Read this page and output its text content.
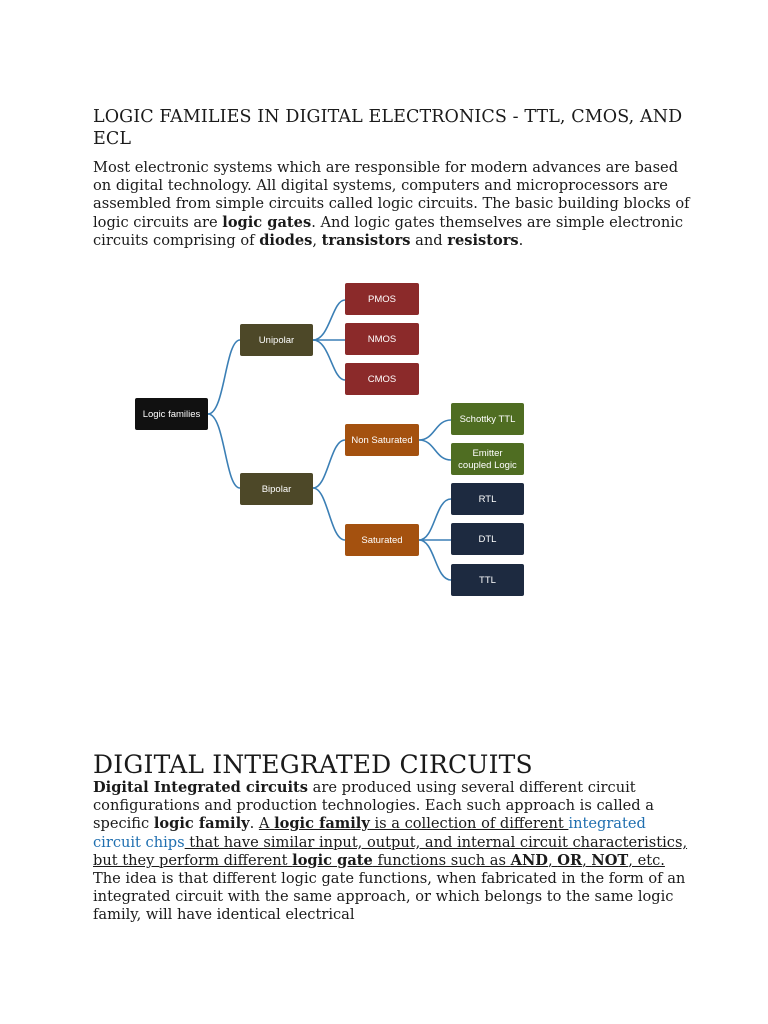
LOGIC FAMILIES IN DIGITAL ELECTRONICS - TTL, CMOS, AND ECL

Most electronic systems which are responsible for modern advances are based on digital technology. All digital systems, computers and microprocessors are assembled from simple circuits called logic circuits. The basic building blocks of logic circuits are logic gates. And logic gates themselves are simple electronic circuits comprising of diodes, transistors and resistors.

Logic families
Unipolar
Bipolar
PMOS
NMOS
CMOS
Non Saturated
Saturated
Schottky TTL
Emitter
coupled Logic
RTL
DTL
TTL
DIGITAL INTEGRATED CIRCUITS

Digital Integrated circuits are produced using several different circuit configurations and production technologies. Each such approach is called a specific logic family. A logic family is a collection of different integrated circuit chips that have similar input, output, and internal circuit characteristics, but they perform different logic gate functions such as AND, OR, NOT, etc. The idea is that different logic gate functions, when fabricated in the form of an integrated circuit with the same approach, or which belongs to the same logic family, will have identical electrical
